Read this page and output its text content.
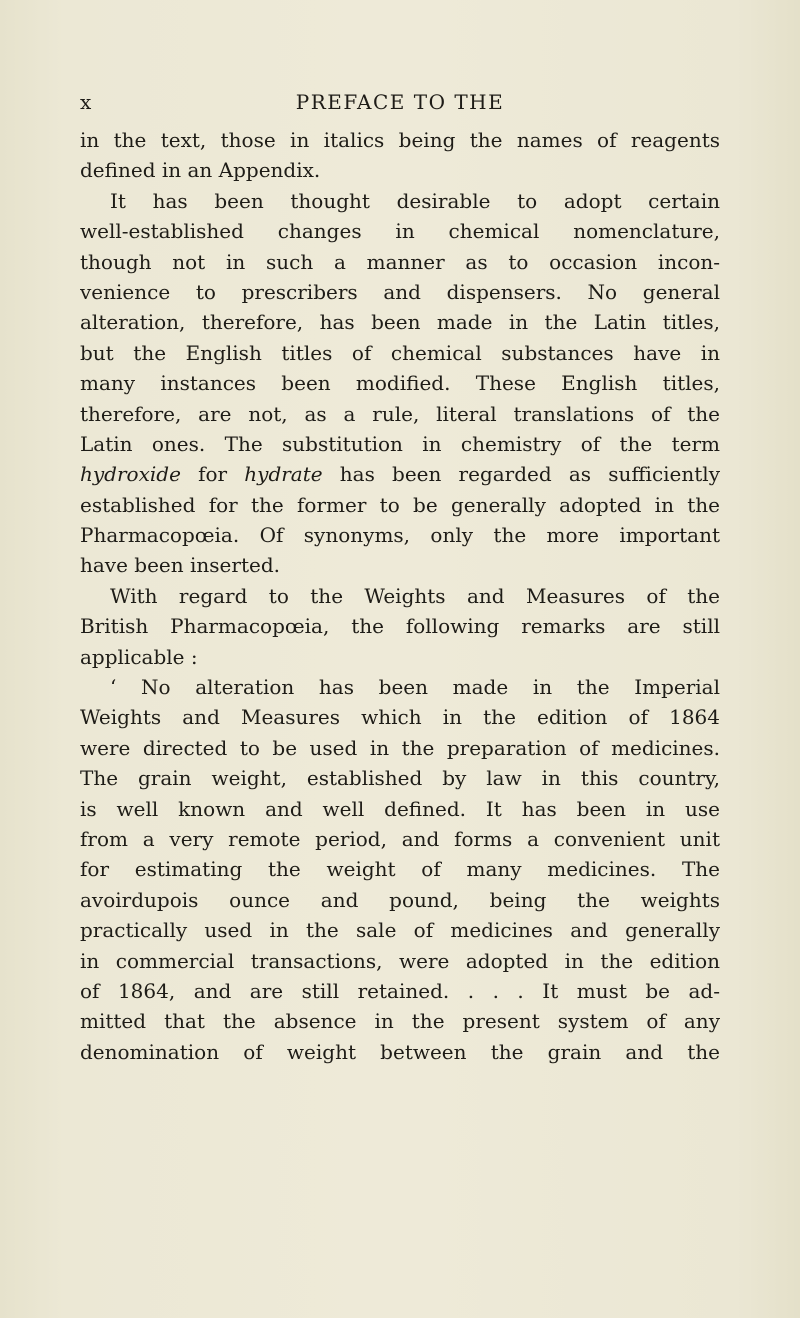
x	PREFACE TO THE
in the text, those in italics being the names of reagents
defined in an Appendix.
It has been thought desirable to adopt certain
well-established changes in chemical nomenclature,
though not in such a manner as to occasion incon-
venience to prescribers and dispensers. No general
alteration, therefore, has been made in the Latin titles,
but the English titles of chemical substances have in
many instances been modified. These English titles,
therefore, are not, as a rule, literal translations of the
Latin ones. The substitution in chemistry of the term
hydroxide for hydrate has been regarded as sufficiently
established for the former to be generally adopted in the
Pharmacopœia. Of synonyms, only the more important
have been inserted.
With regard to the Weights and Measures of the
British Pharmacopœia, the following remarks are still
applicable :
‘ No alteration has been made in the Imperial
Weights and Measures which in the edition of 1864
were directed to be used in the preparation of medicines.
The grain weight, established by law in this country,
is well known and well defined. It has been in use
from a very remote period, and forms a convenient unit
for estimating the weight of many medicines. The
avoirdupois ounce and pound, being the weights
practically used in the sale of medicines and generally
in commercial transactions, were adopted in the edition
of 1864, and are still retained. . . . It must be ad-
mitted that the absence in the present system of any
denomination of weight between the grain and the
